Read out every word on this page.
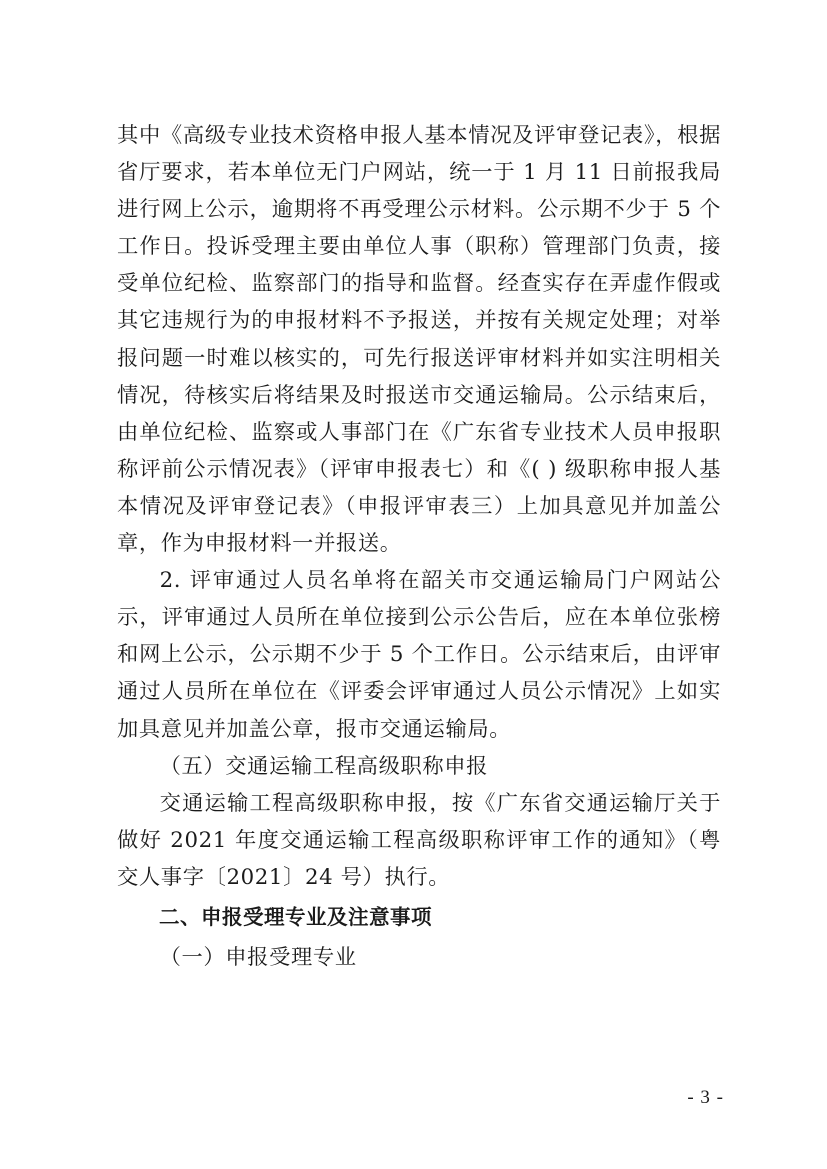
其中《高级专业技术资格申报人基本情况及评审登记表》，根据省厅要求，若本单位无门户网站，统一于 1 月 11 日前报我局进行网上公示，逾期将不再受理公示材料。公示期不少于 5 个工作日。投诉受理主要由单位人事（职称）管理部门负责，接受单位纪检、监察部门的指导和监督。经查实存在弄虚作假或其它违规行为的申报材料不予报送，并按有关规定处理；对举报问题一时难以核实的，可先行报送评审材料并如实注明相关情况，待核实后将结果及时报送市交通运输局。公示结束后，由单位纪检、监察或人事部门在《广东省专业技术人员申报职称评前公示情况表》（评审申报表七）和《( ) 级职称申报人基本情况及评审登记表》（申报评审表三）上加具意见并加盖公章，作为申报材料一并报送。

2. 评审通过人员名单将在韶关市交通运输局门户网站公示，评审通过人员所在单位接到公示公告后，应在本单位张榜和网上公示，公示期不少于 5 个工作日。公示结束后，由评审通过人员所在单位在《评委会评审通过人员公示情况》上如实加具意见并加盖公章，报市交通运输局。

（五）交通运输工程高级职称申报

交通运输工程高级职称申报，按《广东省交通运输厅关于做好 2021 年度交通运输工程高级职称评审工作的通知》（粤交人事字〔2021〕24 号）执行。

二、申报受理专业及注意事项
（一）申报受理专业
- 3 -
